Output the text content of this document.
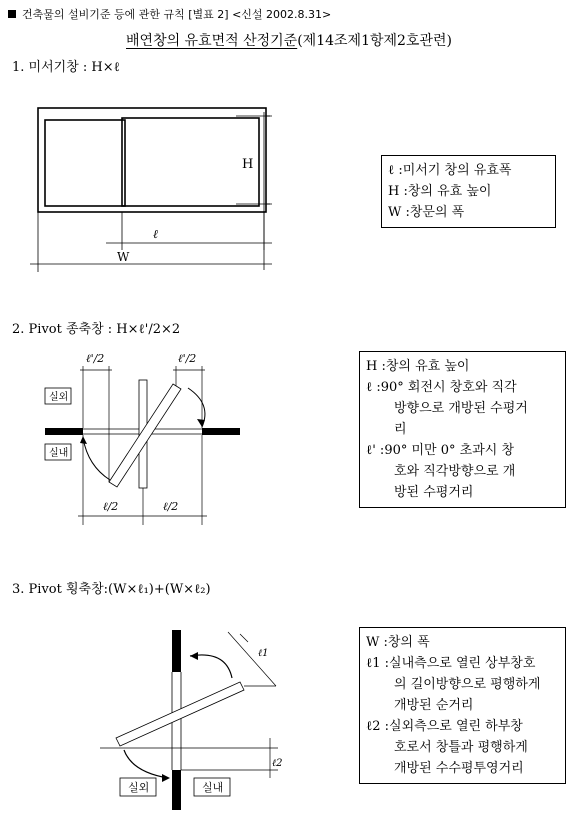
건축물의 설비기준 등에 관한 규칙 [별표 2] <신설 2002.8.31>
배연창의 유효면적 산정기준(제14조제1항제2호관련)
1. 미서기창 : H×ℓ
H
ℓ
W
ℓ : 미서기 창의 유효폭
H : 창의 유효 높이
W : 창문의 폭
2. Pivot 종축창 : H×ℓ'/2×2
ℓ'/2	ℓ'/2
ℓ/2	ℓ/2
실외
실내
H : 창의 유효 높이
ℓ : 90° 회전시 창호와 직각
방향으로 개방된 수평거
리
ℓ' : 90° 미만 0° 초과시 창
호와 직각방향으로 개
방된 수평거리
3. Pivot 횡축창:(W×ℓ₁)+(W×ℓ₂)
ℓ1
ℓ2
실외	실내
W : 창의 폭
ℓ1 : 실내측으로 열린 상부창호
의 길이방향으로 평행하게
개방된 순거리
ℓ2 : 실외측으로 열린 하부창
호로서 창틀과 평행하게
개방된 수수평투영거리
